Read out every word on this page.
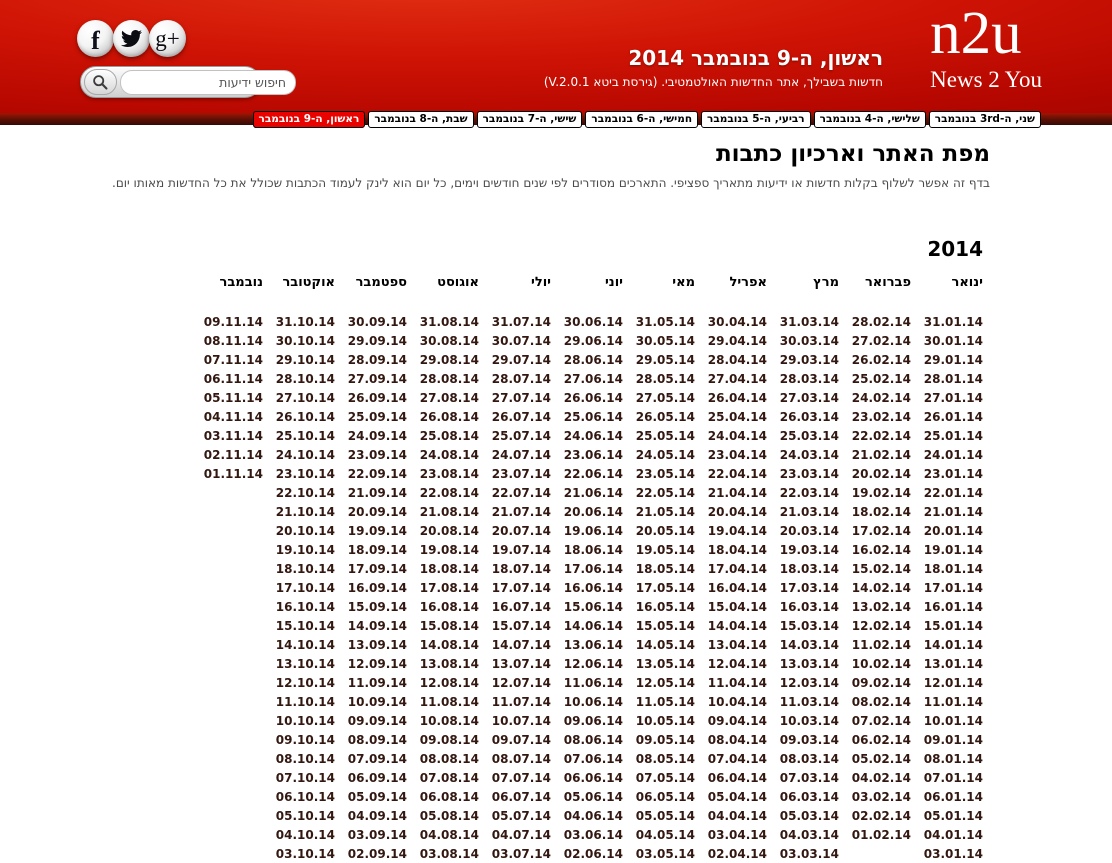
f g+
חיפוש ידיעות
ראשון, ה-9 בנובמבר 2014
חדשות בשבילך, אתר החדשות האולטמטיבי. (גירסת ביטא V.2.0.1)
n2u
News 2 You
ראשון, ה-9 בנובמבר	שבת, ה-8 בנובמבר	שישי, ה-7 בנובמבר	חמישי, ה-6 בנובמבר	רביעי, ה-5 בנובמבר	שלישי, ה-4 בנובמבר	שני, ה-3rd בנובמבר
מפת האתר וארכיון כתבות

בדף זה אפשר לשלוף בקלות חדשות או ידיעות מתאריך ספציפי. התארכים מסודרים לפי שנים חודשים וימים, כל יום הוא לינק לעמוד הכתבות שכולל את כל החדשות מאותו יום.

2014
ינואר	פברואר	מרץ	אפריל	מאי	יוני	יולי	אוגוסט	ספטמבר	אוקטובר	נובמבר
31.01.14	28.02.14	31.03.14	30.04.14	31.05.14	30.06.14	31.07.14	31.08.14	30.09.14	31.10.14	09.11.14
30.01.14	27.02.14	30.03.14	29.04.14	30.05.14	29.06.14	30.07.14	30.08.14	29.09.14	30.10.14	08.11.14
29.01.14	26.02.14	29.03.14	28.04.14	29.05.14	28.06.14	29.07.14	29.08.14	28.09.14	29.10.14	07.11.14
28.01.14	25.02.14	28.03.14	27.04.14	28.05.14	27.06.14	28.07.14	28.08.14	27.09.14	28.10.14	06.11.14
27.01.14	24.02.14	27.03.14	26.04.14	27.05.14	26.06.14	27.07.14	27.08.14	26.09.14	27.10.14	05.11.14
26.01.14	23.02.14	26.03.14	25.04.14	26.05.14	25.06.14	26.07.14	26.08.14	25.09.14	26.10.14	04.11.14
25.01.14	22.02.14	25.03.14	24.04.14	25.05.14	24.06.14	25.07.14	25.08.14	24.09.14	25.10.14	03.11.14
24.01.14	21.02.14	24.03.14	23.04.14	24.05.14	23.06.14	24.07.14	24.08.14	23.09.14	24.10.14	02.11.14
23.01.14	20.02.14	23.03.14	22.04.14	23.05.14	22.06.14	23.07.14	23.08.14	22.09.14	23.10.14	01.11.14
22.01.14	19.02.14	22.03.14	21.04.14	22.05.14	21.06.14	22.07.14	22.08.14	21.09.14	22.10.14	
21.01.14	18.02.14	21.03.14	20.04.14	21.05.14	20.06.14	21.07.14	21.08.14	20.09.14	21.10.14	
20.01.14	17.02.14	20.03.14	19.04.14	20.05.14	19.06.14	20.07.14	20.08.14	19.09.14	20.10.14	
19.01.14	16.02.14	19.03.14	18.04.14	19.05.14	18.06.14	19.07.14	19.08.14	18.09.14	19.10.14	
18.01.14	15.02.14	18.03.14	17.04.14	18.05.14	17.06.14	18.07.14	18.08.14	17.09.14	18.10.14	
17.01.14	14.02.14	17.03.14	16.04.14	17.05.14	16.06.14	17.07.14	17.08.14	16.09.14	17.10.14	
16.01.14	13.02.14	16.03.14	15.04.14	16.05.14	15.06.14	16.07.14	16.08.14	15.09.14	16.10.14	
15.01.14	12.02.14	15.03.14	14.04.14	15.05.14	14.06.14	15.07.14	15.08.14	14.09.14	15.10.14	
14.01.14	11.02.14	14.03.14	13.04.14	14.05.14	13.06.14	14.07.14	14.08.14	13.09.14	14.10.14	
13.01.14	10.02.14	13.03.14	12.04.14	13.05.14	12.06.14	13.07.14	13.08.14	12.09.14	13.10.14	
12.01.14	09.02.14	12.03.14	11.04.14	12.05.14	11.06.14	12.07.14	12.08.14	11.09.14	12.10.14	
11.01.14	08.02.14	11.03.14	10.04.14	11.05.14	10.06.14	11.07.14	11.08.14	10.09.14	11.10.14	
10.01.14	07.02.14	10.03.14	09.04.14	10.05.14	09.06.14	10.07.14	10.08.14	09.09.14	10.10.14	
09.01.14	06.02.14	09.03.14	08.04.14	09.05.14	08.06.14	09.07.14	09.08.14	08.09.14	09.10.14	
08.01.14	05.02.14	08.03.14	07.04.14	08.05.14	07.06.14	08.07.14	08.08.14	07.09.14	08.10.14	
07.01.14	04.02.14	07.03.14	06.04.14	07.05.14	06.06.14	07.07.14	07.08.14	06.09.14	07.10.14	
06.01.14	03.02.14	06.03.14	05.04.14	06.05.14	05.06.14	06.07.14	06.08.14	05.09.14	06.10.14	
05.01.14	02.02.14	05.03.14	04.04.14	05.05.14	04.06.14	05.07.14	05.08.14	04.09.14	05.10.14	
04.01.14	01.02.14	04.03.14	03.04.14	04.05.14	03.06.14	04.07.14	04.08.14	03.09.14	04.10.14	
03.01.14		03.03.14	02.04.14	03.05.14	02.06.14	03.07.14	03.08.14	02.09.14	03.10.14	
